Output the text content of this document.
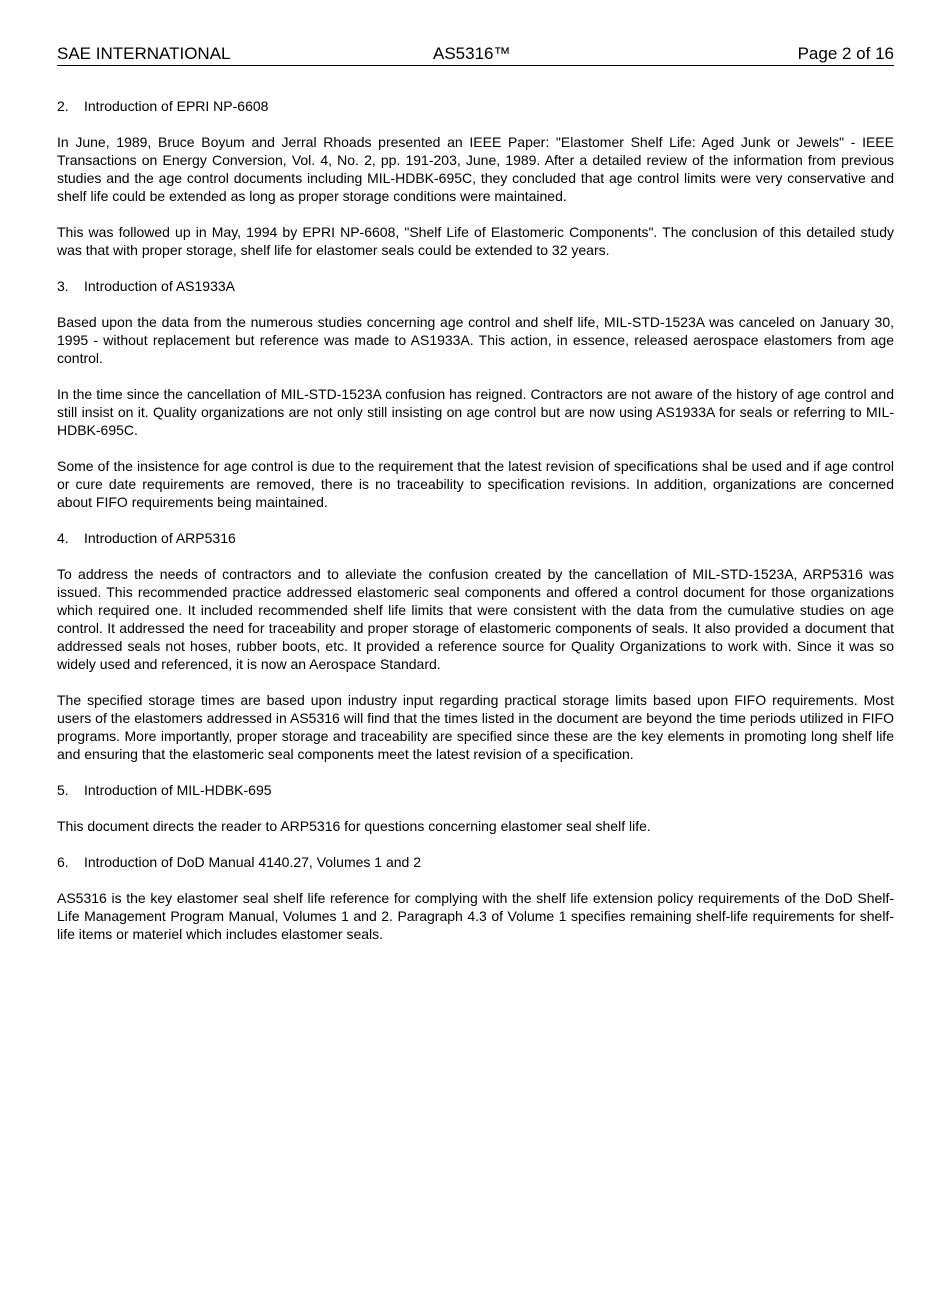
SAE INTERNATIONAL	AS5316™	Page 2 of 16
2.	Introduction of EPRI NP-6608

In June, 1989, Bruce Boyum and Jerral Rhoads presented an IEEE Paper: "Elastomer Shelf Life: Aged Junk or Jewels" - IEEE Transactions on Energy Conversion, Vol. 4, No. 2, pp. 191-203, June, 1989. After a detailed review of the information from previous studies and the age control documents including MIL-HDBK-695C, they concluded that age control limits were very conservative and shelf life could be extended as long as proper storage conditions were maintained.

This was followed up in May, 1994 by EPRI NP-6608, "Shelf Life of Elastomeric Components". The conclusion of this detailed study was that with proper storage, shelf life for elastomer seals could be extended to 32 years.

3.	Introduction of AS1933A

Based upon the data from the numerous studies concerning age control and shelf life, MIL-STD-1523A was canceled on January 30, 1995 - without replacement but reference was made to AS1933A. This action, in essence, released aerospace elastomers from age control.

In the time since the cancellation of MIL-STD-1523A confusion has reigned. Contractors are not aware of the history of age control and still insist on it. Quality organizations are not only still insisting on age control but are now using AS1933A for seals or referring to MIL-HDBK-695C.

Some of the insistence for age control is due to the requirement that the latest revision of specifications shal be used and if age control or cure date requirements are removed, there is no traceability to specification revisions. In addition, organizations are concerned about FIFO requirements being maintained.

4.	Introduction of ARP5316

To address the needs of contractors and to alleviate the confusion created by the cancellation of MIL-STD-1523A, ARP5316 was issued. This recommended practice addressed elastomeric seal components and offered a control document for those organizations which required one. It included recommended shelf life limits that were consistent with the data from the cumulative studies on age control. It addressed the need for traceability and proper storage of elastomeric components of seals. It also provided a document that addressed seals not hoses, rubber boots, etc. It provided a reference source for Quality Organizations to work with. Since it was so widely used and referenced, it is now an Aerospace Standard.

The specified storage times are based upon industry input regarding practical storage limits based upon FIFO requirements. Most users of the elastomers addressed in AS5316 will find that the times listed in the document are beyond the time periods utilized in FIFO programs. More importantly, proper storage and traceability are specified since these are the key elements in promoting long shelf life and ensuring that the elastomeric seal components meet the latest revision of a specification.

5.	Introduction of MIL-HDBK-695

This document directs the reader to ARP5316 for questions concerning elastomer seal shelf life.

6.	Introduction of DoD Manual 4140.27, Volumes 1 and 2

AS5316 is the key elastomer seal shelf life reference for complying with the shelf life extension policy requirements of the DoD Shelf-Life Management Program Manual, Volumes 1 and 2. Paragraph 4.3 of Volume 1 specifies remaining shelf-life requirements for shelf-life items or materiel which includes elastomer seals.
